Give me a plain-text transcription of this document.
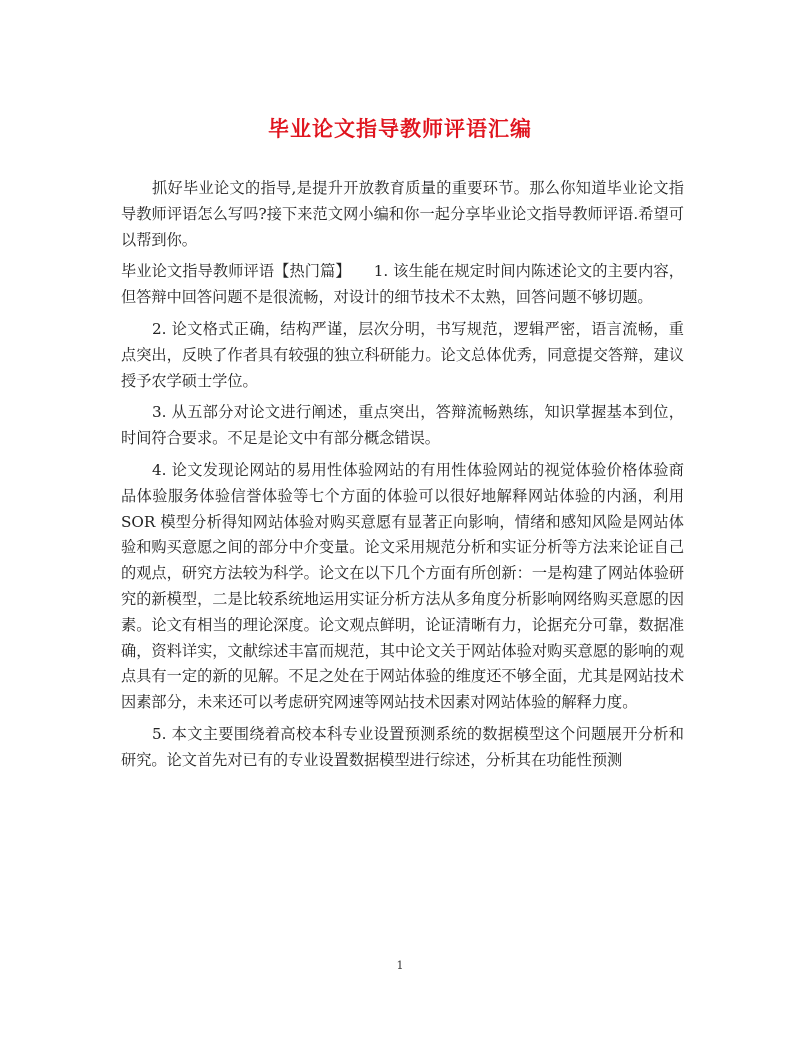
毕业论文指导教师评语汇编

抓好毕业论文的指导,是提升开放教育质量的重要环节。那么你知道毕业论文指导教师评语怎么写吗?接下来范文网小编和你一起分享毕业论文指导教师评语.希望可以帮到你。

毕业论文指导教师评语【热门篇】　　1. 该生能在规定时间内陈述论文的主要内容，但答辩中回答问题不是很流畅，对设计的细节技术不太熟，回答问题不够切题。

2. 论文格式正确，结构严谨，层次分明，书写规范，逻辑严密，语言流畅，重点突出，反映了作者具有较强的独立科研能力。论文总体优秀，同意提交答辩，建议授予农学硕士学位。

3. 从五部分对论文进行阐述，重点突出，答辩流畅熟练，知识掌握基本到位，时间符合要求。不足是论文中有部分概念错误。

4. 论文发现论网站的易用性体验网站的有用性体验网站的视觉体验价格体验商品体验服务体验信誉体验等七个方面的体验可以很好地解释网站体验的内涵，利用 SOR 模型分析得知网站体验对购买意愿有显著正向影响，情绪和感知风险是网站体验和购买意愿之间的部分中介变量。论文采用规范分析和实证分析等方法来论证自己的观点，研究方法较为科学。论文在以下几个方面有所创新：一是构建了网站体验研究的新模型，二是比较系统地运用实证分析方法从多角度分析影响网络购买意愿的因素。论文有相当的理论深度。论文观点鲜明，论证清晰有力，论据充分可靠，数据准确，资料详实，文献综述丰富而规范，其中论文关于网站体验对购买意愿的影响的观点具有一定的新的见解。不足之处在于网站体验的维度还不够全面，尤其是网站技术因素部分，未来还可以考虑研究网速等网站技术因素对网站体验的解释力度。

5. 本文主要围绕着高校本科专业设置预测系统的数据模型这个问题展开分析和研究。论文首先对已有的专业设置数据模型进行综述，分析其在功能性预测

1
